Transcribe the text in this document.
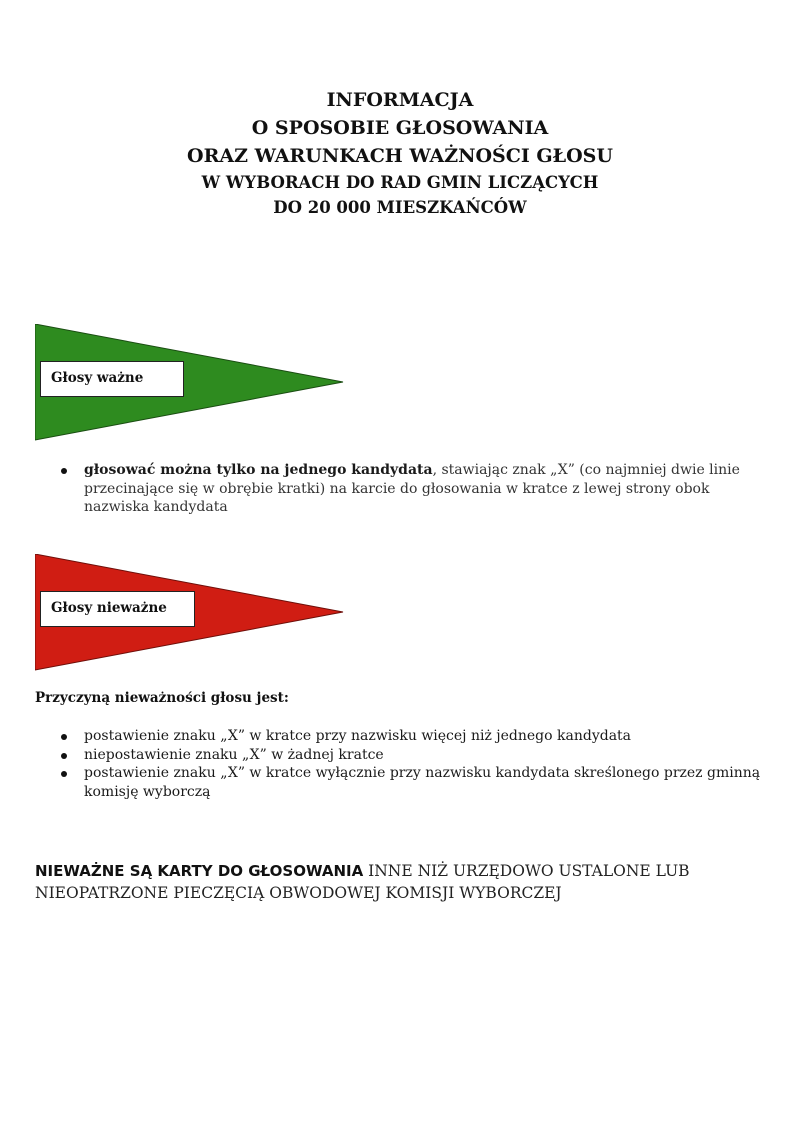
INFORMACJA
O SPOSOBIE GŁOSOWANIA
ORAZ WARUNKACH WAŻNOŚCI GŁOSU
W WYBORACH DO RAD GMIN LICZĄCYCH
DO 20 000 MIESZKAŃCÓW
Głosy ważne
głosować można tylko na jednego kandydata, stawiając znak „X” (co najmniej dwie linie przecinające się w obrębie kratki) na karcie do głosowania w kratce z lewej strony obok nazwiska kandydata
Głosy nieważne
Przyczyną nieważności głosu jest:
postawienie znaku „X” w kratce przy nazwisku więcej niż jednego kandydata
niepostawienie znaku „X” w żadnej kratce
postawienie znaku „X” w kratce wyłącznie przy nazwisku kandydata skreślonego przez gminną komisję wyborczą
NIEWAŻNE SĄ KARTY DO GŁOSOWANIA INNE NIŻ URZĘDOWO USTALONE LUB NIEOPATRZONE PIECZĘCIĄ OBWODOWEJ KOMISJI WYBORCZEJ
